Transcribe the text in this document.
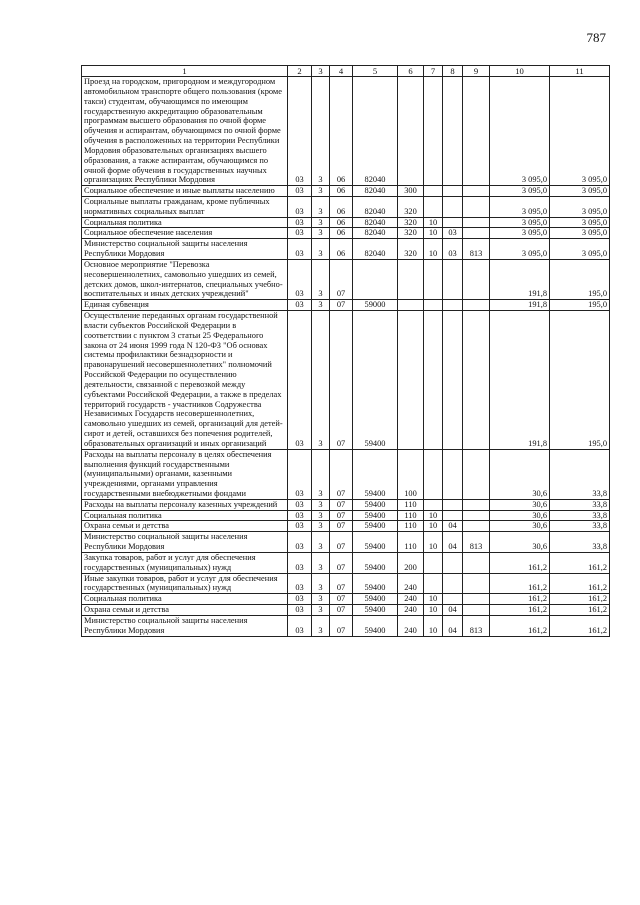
787
1	2	3	4	5	6	7	8	9	10	11
Проезд на городском, пригородном и междугородном автомобильном транспорте общего пользования (кроме такси) студентам, обучающимся по имеющим государственную аккредитацию образовательным программам высшего образования по очной форме обучения и аспирантам, обучающимся по очной форме обучения в расположенных на территории Республики Мордовия образовательных организациях высшего образования, а также аспирантам, обучающимся по очной форме обучения в государственных научных организациях Республики Мордовия	03	3	06	82040					3 095,0	3 095,0
Социальное обеспечение и иные выплаты населению	03	3	06	82040	300				3 095,0	3 095,0
Социальные выплаты гражданам, кроме публичных нормативных социальных выплат	03	3	06	82040	320				3 095,0	3 095,0
Социальная политика	03	3	06	82040	320	10			3 095,0	3 095,0
Социальное обеспечение населения	03	3	06	82040	320	10	03		3 095,0	3 095,0
Министерство социальной защиты населения Республики Мордовия	03	3	06	82040	320	10	03	813	3 095,0	3 095,0
Основное мероприятие "Перевозка несовершеннолетних, самовольно ушедших из семей, детских домов, школ-интернатов, специальных учебно-воспитательных и иных детских учреждений"	03	3	07						191,8	195,0
Единая субвенция	03	3	07	59000					191,8	195,0
Осуществление переданных органам государственной власти субъектов Российской Федерации в соответствии с пунктом 3 статьи 25 Федерального закона от 24 июня 1999 года N 120-ФЗ "Об основах системы профилактики безнадзорности и правонарушений несовершеннолетних" полномочий Российской Федерации по осуществлению деятельности, связанной с перевозкой между субъектами Российской Федерации, а также в пределах территорий государств - участников Содружества Независимых Государств несовершеннолетних, самовольно ушедших из семей, организаций для детей-сирот и детей, оставшихся без попечения родителей, образовательных организаций и иных организаций	03	3	07	59400					191,8	195,0
Расходы на выплаты персоналу в целях обеспечения выполнения функций государственными (муниципальными) органами, казенными учреждениями, органами управления государственными внебюджетными фондами	03	3	07	59400	100				30,6	33,8
Расходы на выплаты персоналу казенных учреждений	03	3	07	59400	110				30,6	33,8
Социальная политика	03	3	07	59400	110	10			30,6	33,8
Охрана семьи и детства	03	3	07	59400	110	10	04		30,6	33,8
Министерство социальной защиты населения Республики Мордовия	03	3	07	59400	110	10	04	813	30,6	33,8
Закупка товаров, работ и услуг для обеспечения государственных (муниципальных) нужд	03	3	07	59400	200				161,2	161,2
Иные закупки товаров, работ и услуг для обеспечения государственных (муниципальных) нужд	03	3	07	59400	240				161,2	161,2
Социальная политика	03	3	07	59400	240	10			161,2	161,2
Охрана семьи и детства	03	3	07	59400	240	10	04		161,2	161,2
Министерство социальной защиты населения Республики Мордовия	03	3	07	59400	240	10	04	813	161,2	161,2
